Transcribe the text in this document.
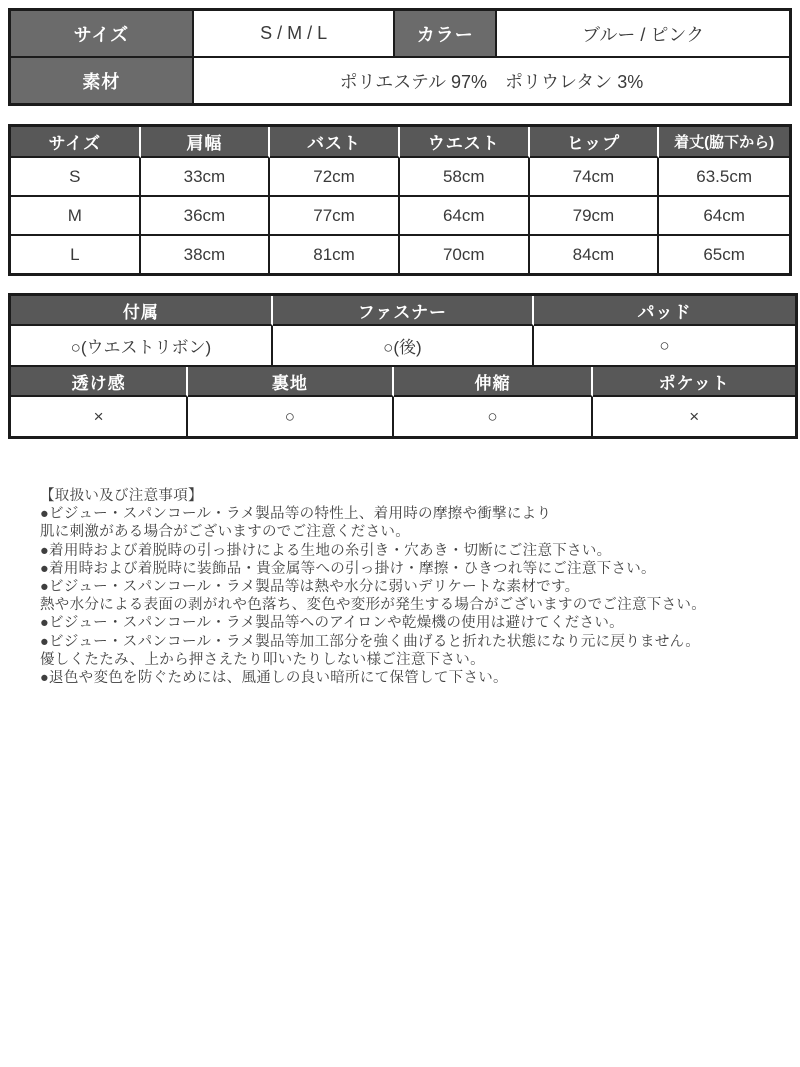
サイズ	S / M / L	カラー	ブルー / ピンク
素材	ポリエステル 97%　ポリウレタン 3%		
サイズ	肩幅	バスト	ウエスト	ヒップ	着丈(脇下から)
S	33cm	72cm	58cm	74cm	63.5cm
M	36cm	77cm	64cm	79cm	64cm
L	38cm	81cm	70cm	84cm	65cm
付属	ファスナー	パッド
○(ウエストリボン)	○(後)	○
透け感	裏地	伸縮	ポケット
×	○	○	×
【取扱い及び注意事項】
●ビジュー・スパンコール・ラメ製品等の特性上、着用時の摩擦や衝撃により
肌に刺激がある場合がございますのでご注意ください。
●着用時および着脱時の引っ掛けによる生地の糸引き・穴あき・切断にご注意下さい。
●着用時および着脱時に装飾品・貴金属等への引っ掛け・摩擦・ひきつれ等にご注意下さい。
●ビジュー・スパンコール・ラメ製品等は熱や水分に弱いデリケートな素材です。
熱や水分による表面の剥がれや色落ち、変色や変形が発生する場合がございますのでご注意下さい。
●ビジュー・スパンコール・ラメ製品等へのアイロンや乾燥機の使用は避けてください。
●ビジュー・スパンコール・ラメ製品等加工部分を強く曲げると折れた状態になり元に戻りません。
優しくたたみ、上から押さえたり叩いたりしない様ご注意下さい。
●退色や変色を防ぐためには、風通しの良い暗所にて保管して下さい。
